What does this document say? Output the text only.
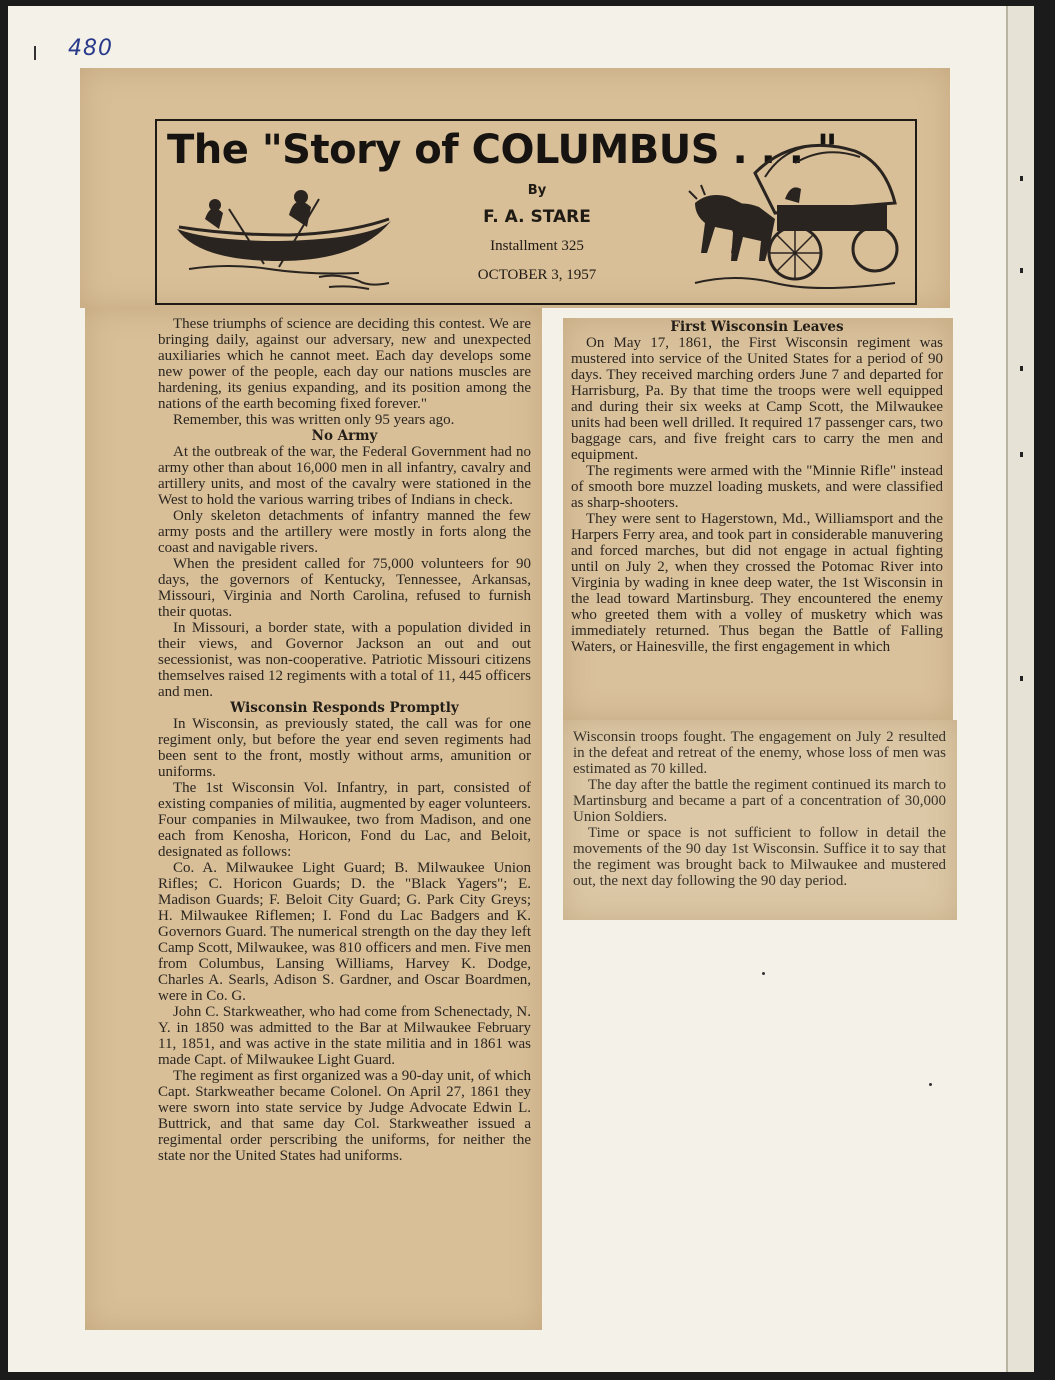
480
The "Story of COLUMBUS . . . "
By
F. A. STARE
Installment 325
OCTOBER 3, 1957

These triumphs of science are deciding this contest. We are bringing daily, against our adversary, new and unexpected auxiliaries which he cannot meet. Each day develops some new power of the people, each day our nations muscles are hardening, its genius expanding, and its position among the nations of the earth becoming fixed forever."

Remember, this was written only 95 years ago.

No Army

At the outbreak of the war, the Federal Government had no army other than about 16,000 men in all infantry, cavalry and artillery units, and most of the cavalry were stationed in the West to hold the various warring tribes of Indians in check.

Only skeleton detachments of infantry manned the few army posts and the artillery were mostly in forts along the coast and navigable rivers.

When the president called for 75,000 volunteers for 90 days, the governors of Kentucky, Tennessee, Arkansas, Missouri, Virginia and North Carolina, refused to furnish their quotas.

In Missouri, a border state, with a population divided in their views, and Governor Jackson an out and out secessionist, was non-cooperative. Patriotic Missouri citizens themselves raised 12 regiments with a total of 11, 445 officers and men.

Wisconsin Responds Promptly

In Wisconsin, as previously stated, the call was for one regiment only, but before the year end seven regiments had been sent to the front, mostly without arms, amunition or uniforms.

The 1st Wisconsin Vol. Infantry, in part, consisted of existing companies of militia, augmented by eager volunteers. Four companies in Milwaukee, two from Madison, and one each from Kenosha, Horicon, Fond du Lac, and Beloit, designated as follows:

Co. A. Milwaukee Light Guard; B. Milwaukee Union Rifles; C. Horicon Guards; D. the "Black Yagers"; E. Madison Guards; F. Beloit City Guard; G. Park City Greys; H. Milwaukee Riflemen; I. Fond du Lac Badgers and K. Governors Guard. The numerical strength on the day they left Camp Scott, Milwaukee, was 810 officers and men. Five men from Columbus, Lansing Williams, Harvey K. Dodge, Charles A. Searls, Adison S. Gardner, and Oscar Boardmen, were in Co. G.

John C. Starkweather, who had come from Schenectady, N. Y. in 1850 was admitted to the Bar at Milwaukee February 11, 1851, and was active in the state militia and in 1861 was made Capt. of Milwaukee Light Guard.

The regiment as first organized was a 90-day unit, of which Capt. Starkweather became Colonel. On April 27, 1861 they were sworn into state service by Judge Advocate Edwin L. Buttrick, and that same day Col. Starkweather issued a regimental order perscribing the uniforms, for neither the state nor the United States had uniforms.

First Wisconsin Leaves

On May 17, 1861, the First Wisconsin regiment was mustered into service of the United States for a period of 90 days. They received marching orders June 7 and departed for Harrisburg, Pa. By that time the troops were well equipped and during their six weeks at Camp Scott, the Milwaukee units had been well drilled. It required 17 passenger cars, two baggage cars, and five freight cars to carry the men and equipment.

The regiments were armed with the "Minnie Rifle" instead of smooth bore muzzel loading muskets, and were classified as sharp-shooters.

They were sent to Hagerstown, Md., Williamsport and the Harpers Ferry area, and took part in considerable manuvering and forced marches, but did not engage in actual fighting until on July 2, when they crossed the Potomac River into Virginia by wading in knee deep water, the 1st Wisconsin in the lead toward Martinsburg. They encountered the enemy who greeted them with a volley of musketry which was immediately returned. Thus began the Battle of Falling Waters, or Hainesville, the first engagement in which

Wisconsin troops fought. The engagement on July 2 resulted in the defeat and retreat of the enemy, whose loss of men was estimated as 70 killed.

The day after the battle the regiment continued its march to Martinsburg and became a part of a concentration of 30,000 Union Soldiers.

Time or space is not sufficient to follow in detail the movements of the 90 day 1st Wisconsin. Suffice it to say that the regiment was brought back to Milwaukee and mustered out, the next day following the 90 day period.
